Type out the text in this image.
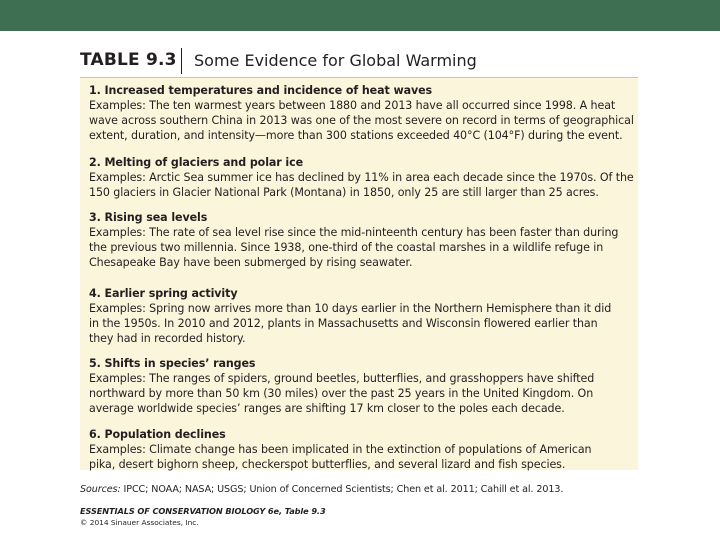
TABLE 9.3 Some Evidence for Global Warming
1. Increased temperatures and incidence of heat waves
Examples: The ten warmest years between 1880 and 2013 have all occurred since 1998. A heat
wave across southern China in 2013 was one of the most severe on record in terms of geographical
extent, duration, and intensity—more than 300 stations exceeded 40°C (104°F) during the event.
2. Melting of glaciers and polar ice
Examples: Arctic Sea summer ice has declined by 11% in area each decade since the 1970s. Of the
150 glaciers in Glacier National Park (Montana) in 1850, only 25 are still larger than 25 acres.
3. Rising sea levels
Examples: The rate of sea level rise since the mid-ninteenth century has been faster than during
the previous two millennia. Since 1938, one-third of the coastal marshes in a wildlife refuge in
Chesapeake Bay have been submerged by rising seawater.
4. Earlier spring activity
Examples: Spring now arrives more than 10 days earlier in the Northern Hemisphere than it did
in the 1950s. In 2010 and 2012, plants in Massachusetts and Wisconsin flowered earlier than
they had in recorded history.
5. Shifts in species’ ranges
Examples: The ranges of spiders, ground beetles, butterflies, and grasshoppers have shifted
northward by more than 50 km (30 miles) over the past 25 years in the United Kingdom. On
average worldwide species’ ranges are shifting 17 km closer to the poles each decade.
6. Population declines
Examples: Climate change has been implicated in the extinction of populations of American
pika, desert bighorn sheep, checkerspot butterflies, and several lizard and fish species.
Sources: IPCC; NOAA; NASA; USGS; Union of Concerned Scientists; Chen et al. 2011; Cahill et al. 2013.
ESSENTIALS OF CONSERVATION BIOLOGY 6e, Table 9.3
© 2014 Sinauer Associates, Inc.
